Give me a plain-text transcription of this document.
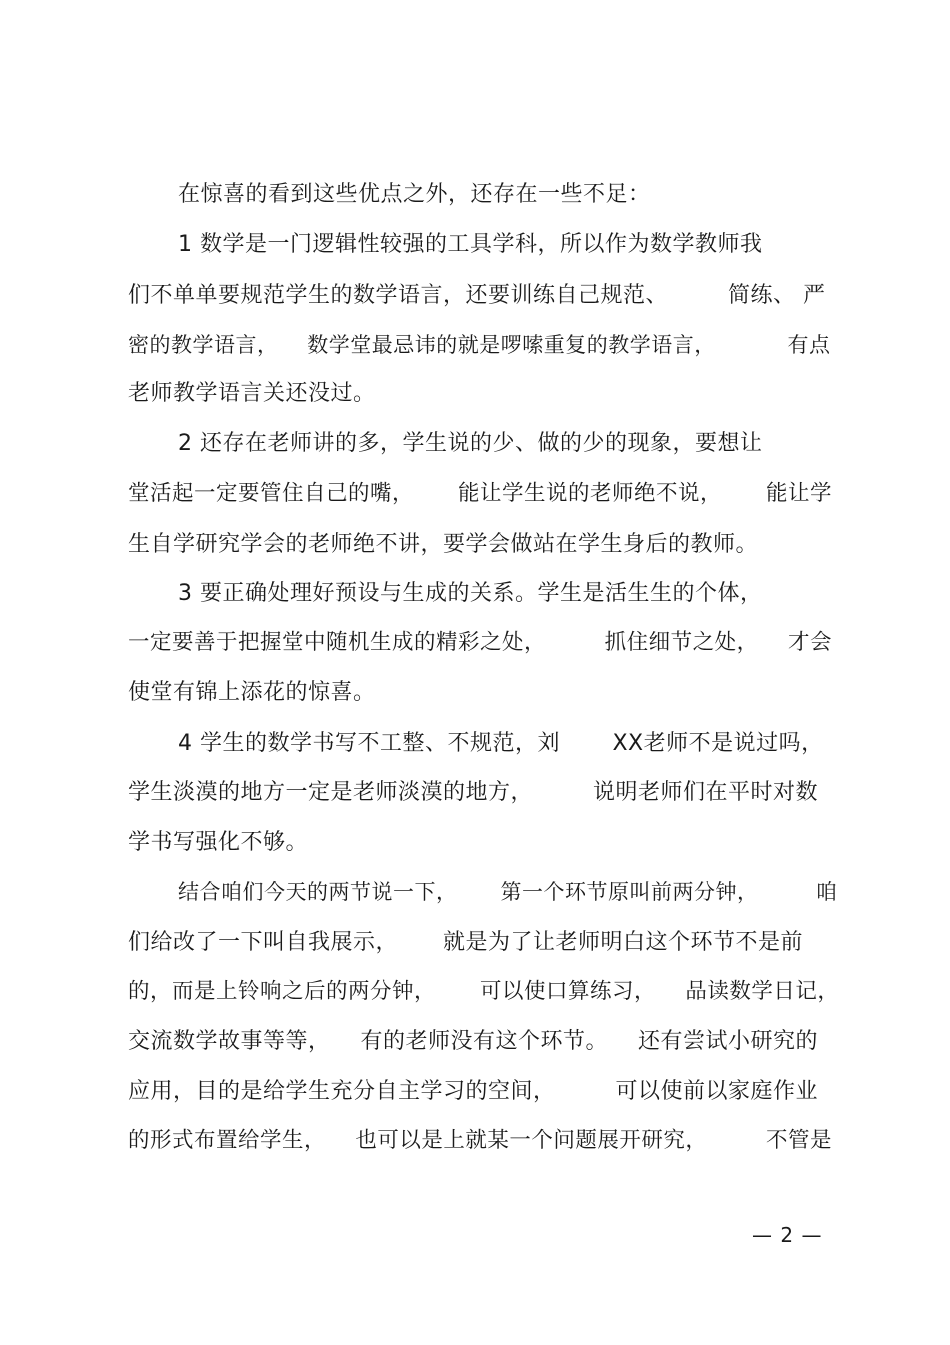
在惊喜的看到这些优点之外，还存在一些不足：
1 数学是一门逻辑性较强的工具学科，所以作为数学教师我
们不单单要规范学生的数学语言，还要训练自己规范、        简练、 严
密的教学语言，    数学堂最忌讳的就是啰嗦重复的教学语言，          有点
老师教学语言关还没过。
2 还存在老师讲的多，学生说的少、做的少的现象，要想让
堂活起一定要管住自己的嘴，      能让学生说的老师绝不说，      能让学
生自学研究学会的老师绝不讲，要学会做站在学生身后的教师。
3 要正确处理好预设与生成的关系。学生是活生生的个体，
一定要善于把握堂中随机生成的精彩之处，        抓住细节之处，    才会
使堂有锦上添花的惊喜。
4 学生的数学书写不工整、不规范，刘       XX老师不是说过吗，
学生淡漠的地方一定是老师淡漠的地方，        说明老师们在平时对数
学书写强化不够。
结合咱们今天的两节说一下，      第一个环节原叫前两分钟，        咱
们给改了一下叫自我展示，      就是为了让老师明白这个环节不是前
的，而是上铃响之后的两分钟，      可以使口算练习，    品读数学日记，
交流数学故事等等，    有的老师没有这个环节。    还有尝试小研究的
应用，目的是给学生充分自主学习的空间，        可以使前以家庭作业
的形式布置给学生，    也可以是上就某一个问题展开研究，        不管是
— 2 —
